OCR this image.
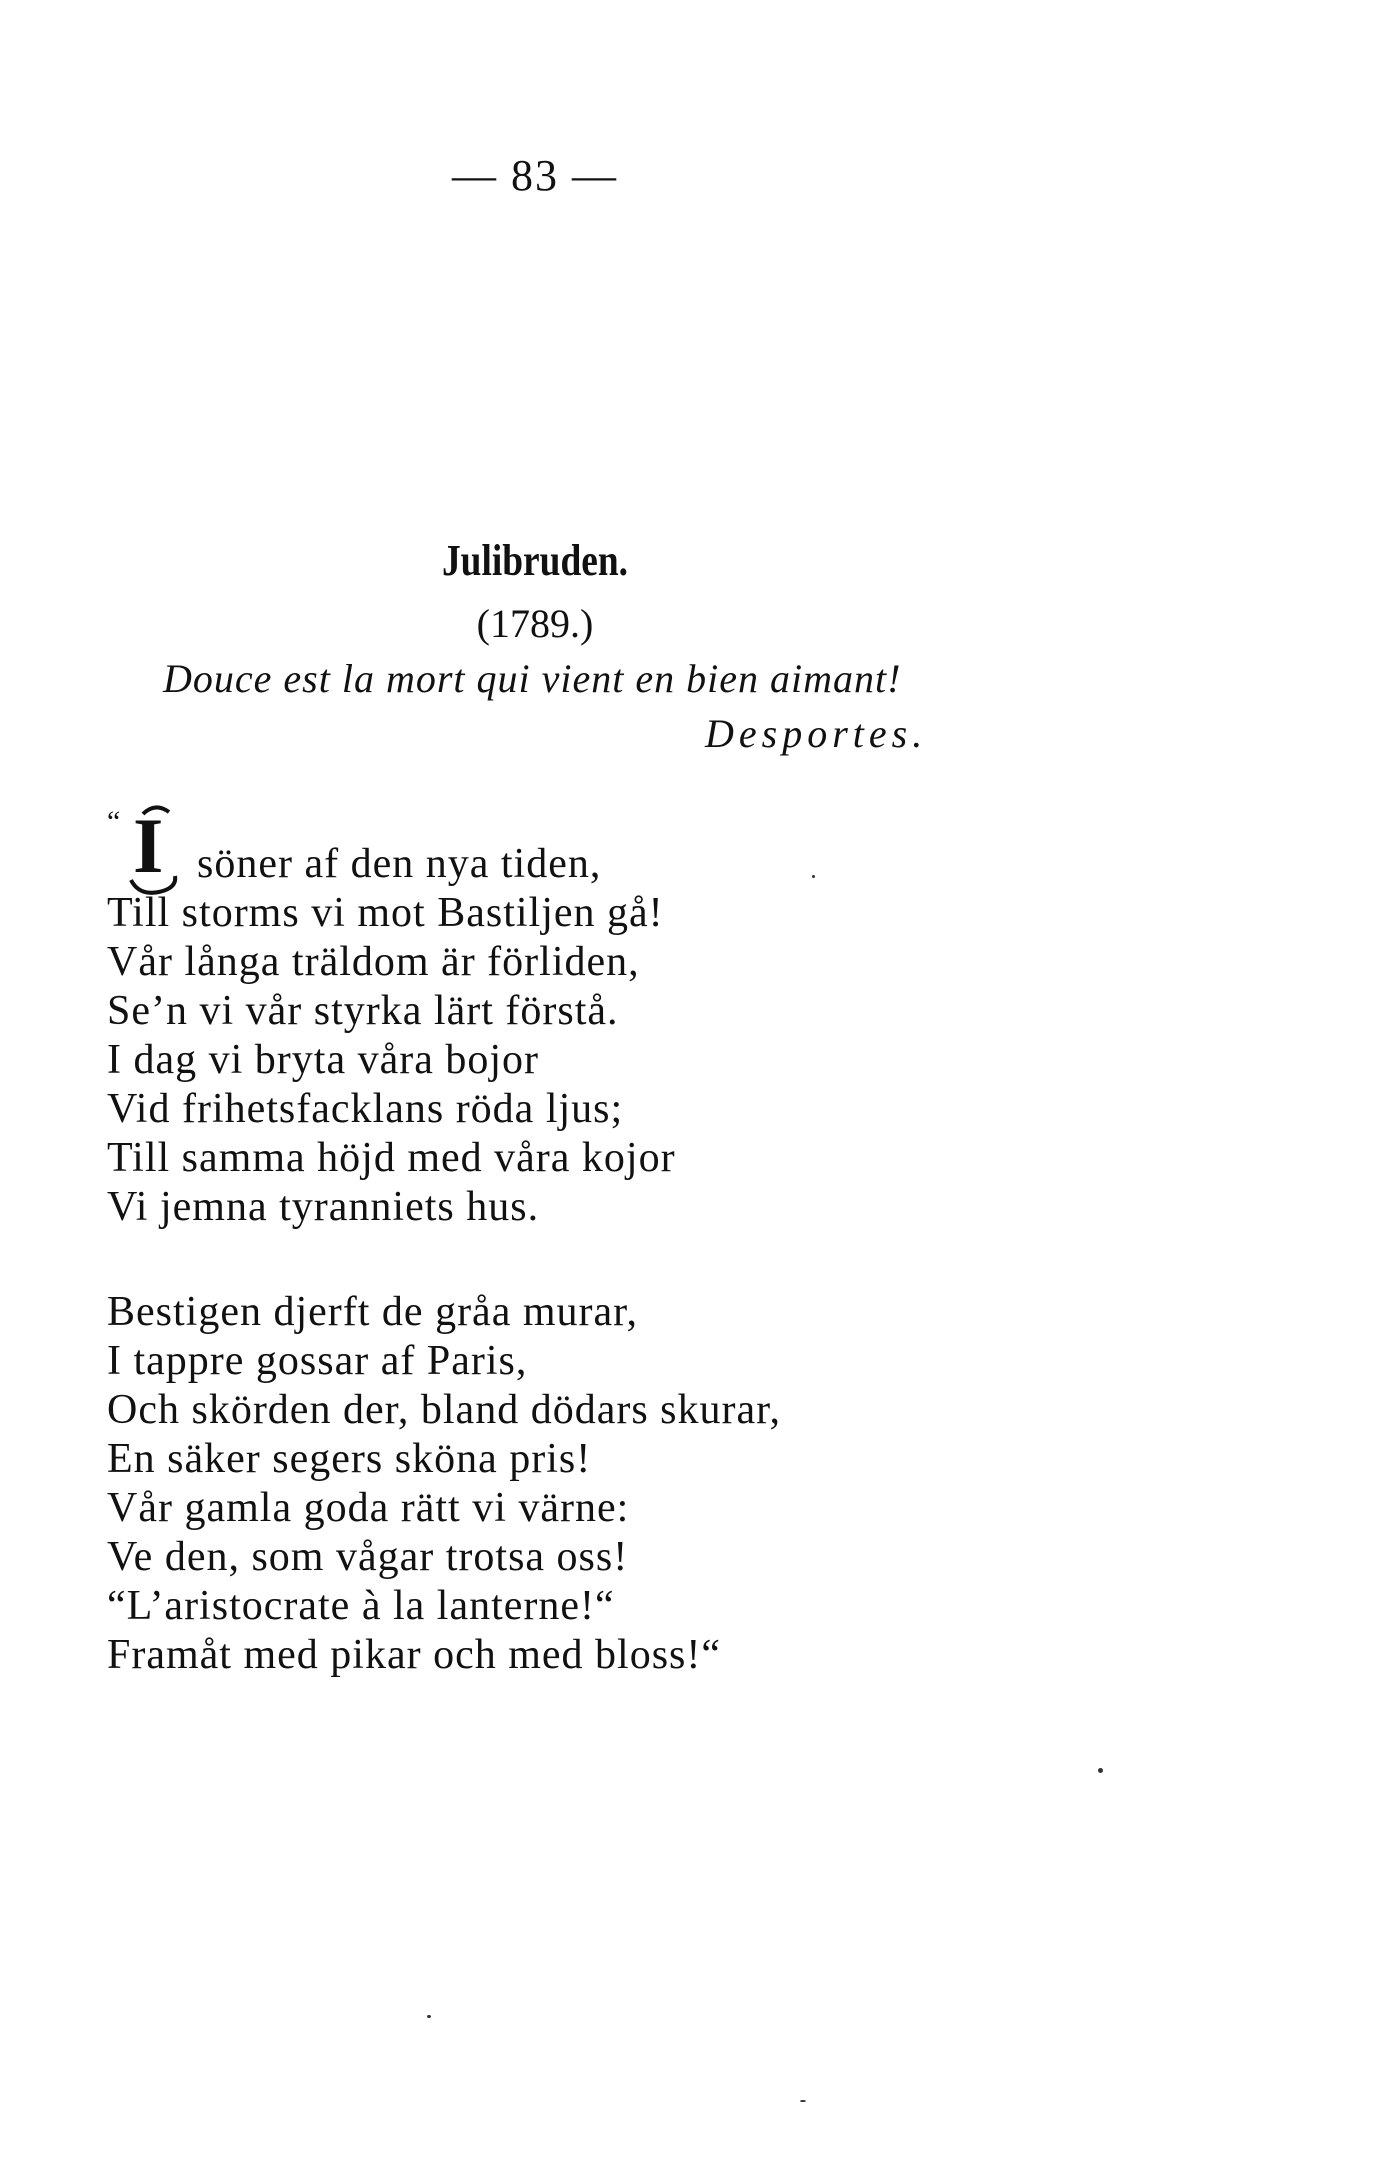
— 83 —
Julibruden.
(1789.)
Douce est la mort qui vient en bien aimant!
Desportes.
“ I söner af den nya tiden,
Till storms vi mot Bastiljen gå!
Vår långa träldom är förliden,
Se’n vi vår styrka lärt förstå.
I dag vi bryta våra bojor
Vid frihetsfacklans röda ljus;
Till samma höjd med våra kojor
Vi jemna tyranniets hus.
Bestigen djerft de gråa murar,
I tappre gossar af Paris,
Och skörden der, bland dödars skurar,
En säker segers sköna pris!
Vår gamla goda rätt vi värne:
Ve den, som vågar trotsa oss!
“L’aristocrate à la lanterne!“
Framåt med pikar och med bloss!“
